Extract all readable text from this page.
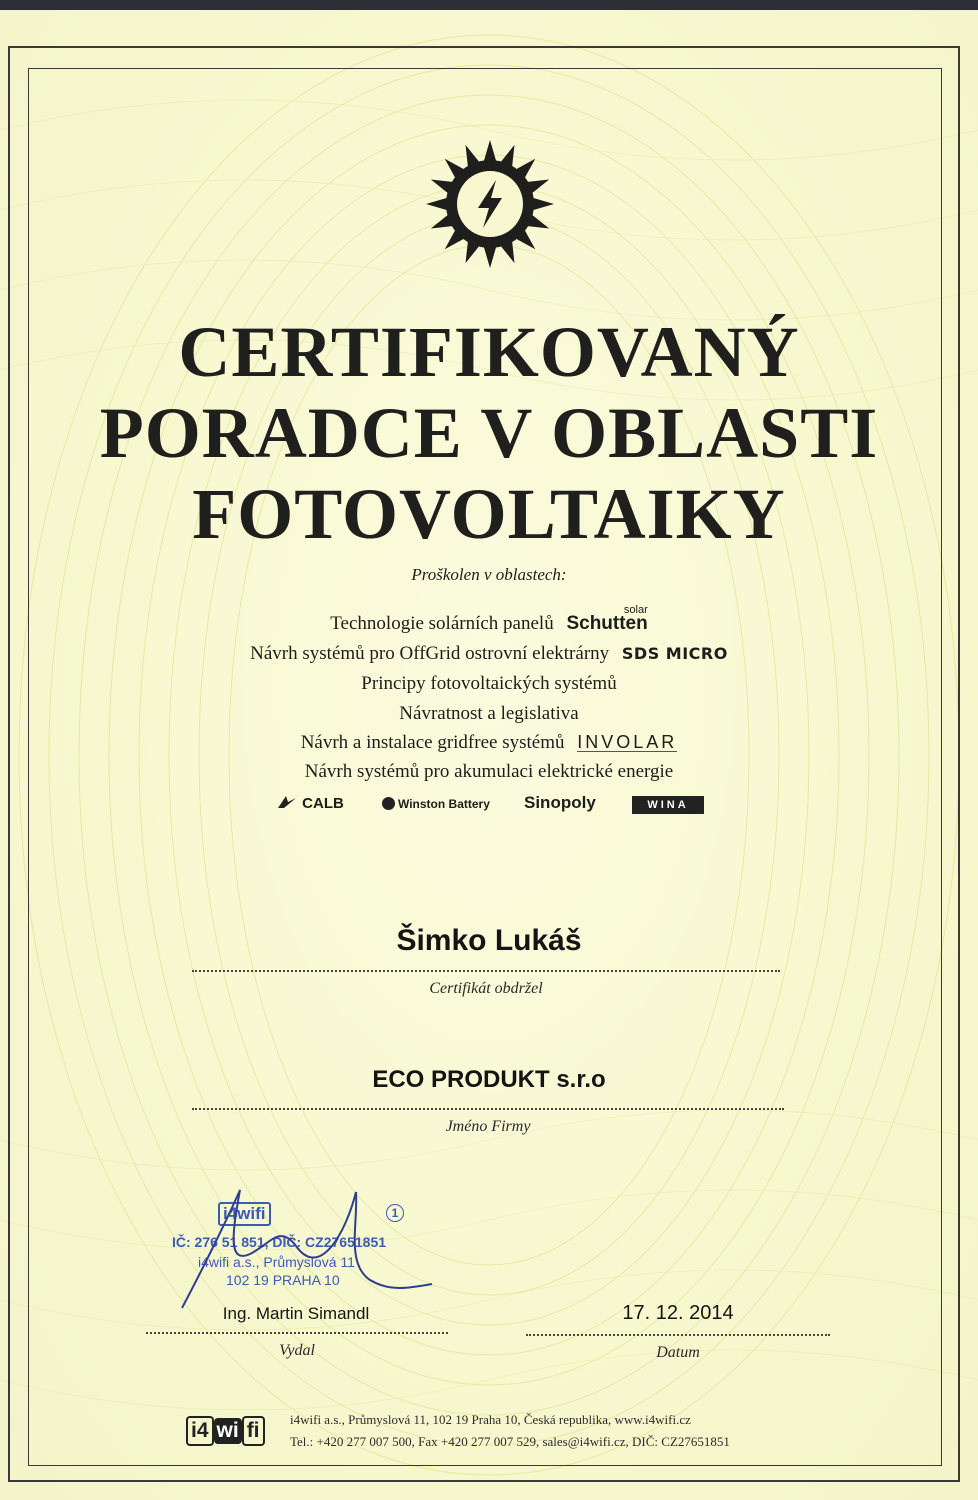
CERTIFIKOVANÝ
PORADCE V OBLASTI
FOTOVOLTAIKY
Proškolen v oblastech:
Technologie solárních panelů Schutten
solar
Návrh systémů pro OffGrid ostrovní elektrárny SDS MICRO
Principy fotovoltaických systémů
Návratnost a legislativa
Návrh a instalace gridfree systémů INVOLAR
Návrh systémů pro akumulaci elektrické energie
CALB	Winston Battery Sinopoly	WINA
Šimko Lukáš
Certifikát obdržel
ECO PRODUKT s.r.o
Jméno Firmy
i4wifi	1
IČ: 276 51 851, DIČ: CZ27651851
i4wifi a.s., Průmyslová 11
102 19 PRAHA 10
Ing. Martin Simandl
Vydal
17. 12. 2014
Datum
i4 wi fi	i4wifi a.s., Průmyslová 11, 102 19 Praha 10, Česká republika, www.i4wifi.cz
Tel.: +420 277 007 500, Fax +420 277 007 529, sales@i4wifi.cz, DIČ: CZ27651851
